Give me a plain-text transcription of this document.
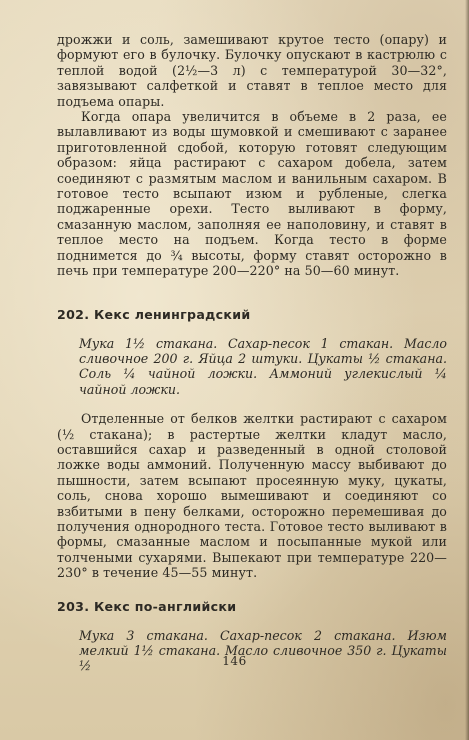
дрожжи и соль, замешивают крутое тесто (опару) и формуют его в булочку. Булочку опускают в кастрюлю с теплой водой (2½—3 л) с температурой 30—32°, завязывают салфеткой и ставят в теплое место для подъема опары.

Когда опара увеличится в объеме в 2 раза, ее вылавливают из воды шумовкой и смешивают с заранее приготовленной сдобой, которую готовят следующим образом: яйца растирают с сахаром добела, затем соединяют с размятым маслом и ванильным сахаром. В готовое тесто всыпают изюм и рубленые, слегка поджаренные орехи. Тесто выливают в форму, смазанную маслом, заполняя ее наполовину, и ставят в теплое место на подъем. Когда тесто в форме поднимется до ¾ высоты, форму ставят осторожно в печь при температуре 200—220° на 50—60 минут.

202. Кекс ленинградский

Мука 1½ стакана. Сахар-песок 1 стакан. Масло сливочное 200 г. Яйца 2 штуки. Цукаты ½ стакана. Соль ¼ чайной ложки. Аммоний углекислый ¼ чайной ложки.

Отделенные от белков желтки растирают с сахаром (½ стакана); в растертые желтки кладут масло, оставшийся сахар и разведенный в одной столовой ложке воды аммоний. Полученную массу выбивают до пышности, затем всыпают просеянную муку, цукаты, соль, снова хорошо вымешивают и соединяют со взбитыми в пену белками, осторожно перемешивая до получения однородного теста. Готовое тесто выливают в формы, смазанные маслом и посыпанные мукой или толчеными сухарями. Выпекают при температуре 220—230° в течение 45—55 минут.

203. Кекс по-английски

Мука 3 стакана. Сахар-песок 2 стакана. Изюм мелкий 1½ стакана. Масло сливочное 350 г. Цукаты ½	146
